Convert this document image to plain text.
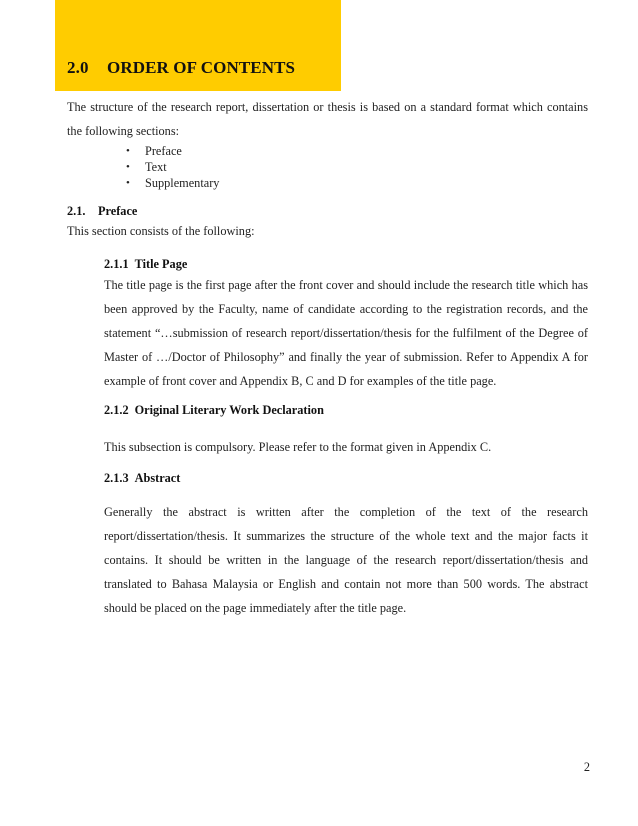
2.0 ORDER OF CONTENTS

The structure of the research report, dissertation or thesis is based on a standard format which contains the following sections:

• Preface
• Text
• Supplementary
2.1. Preface

This section consists of the following:

2.1.1 Title Page

The title page is the first page after the front cover and should include the research title which has been approved by the Faculty, name of candidate according to the registration records, and the statement “…submission of research report/dissertation/thesis for the fulfilment of the Degree of Master of …/Doctor of Philosophy” and finally the year of submission. Refer to Appendix A for example of front cover and Appendix B, C and D for examples of the title page.

2.1.2 Original Literary Work Declaration

This subsection is compulsory. Please refer to the format given in Appendix C.

2.1.3 Abstract

Generally the abstract is written after the completion of the text of the research report/dissertation/thesis. It summarizes the structure of the whole text and the major facts it contains. It should be written in the language of the research report/dissertation/thesis and translated to Bahasa Malaysia or English and contain not more than 500 words. The abstract should be placed on the page immediately after the title page.

2
